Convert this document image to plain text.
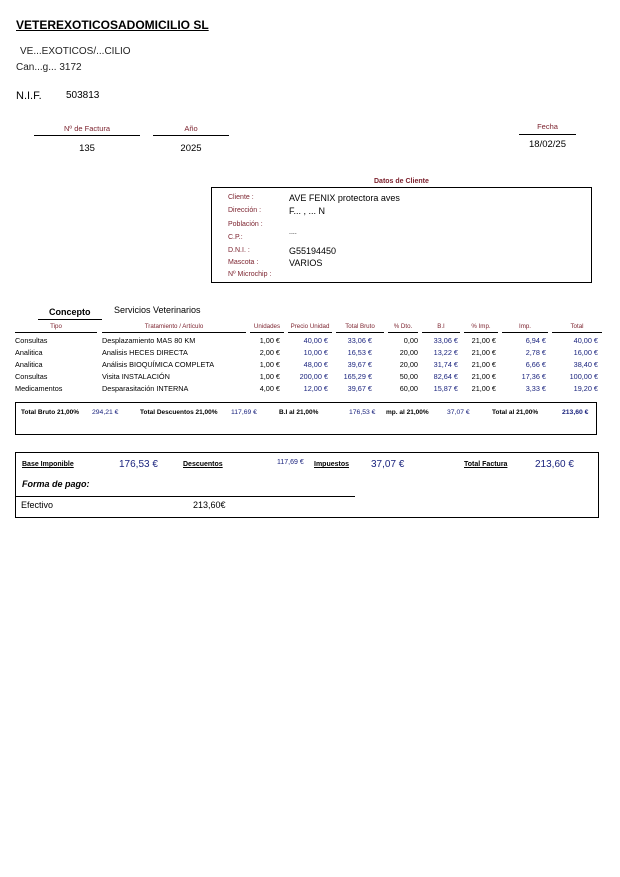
VETEREXOTICOSADOMICILIO SL
VE...EXOTICOS/...CILIO
Can...g... 3172
N.I.F. 503813
Nº de Factura
135
Año
2025
Fecha
18/02/25
Datos de Cliente
Cliente :	AVE FENIX protectora aves
Dirección :	F... , ... N
Población :
C.P.:
....
D.N.I. :	G55194450
Mascota :	VARIOS
Nº Microchip :
Concepto	Servicios Veterinarios
Tipo	Tratamiento / Artículo	Unidades	Precio Unidad	Total Bruto	% Dto.	B.I	% Imp.	Imp.	Total
Consultas	Desplazamiento MAS 80 KM	1,00 €	40,00 €	33,06 €	0,00	33,06 €	21,00 €	6,94 €	40,00 €
Analitica	Analisis HECES DIRECTA	2,00 €	10,00 €	16,53 €	20,00	13,22 €	21,00 €	2,78 €	16,00 €
Analitica	Análisis BIOQUÍMICA COMPLETA	1,00 €	48,00 €	39,67 €	20,00	31,74 €	21,00 €	6,66 €	38,40 €
Consultas	Visita INSTALACIÓN	1,00 €	200,00 €	165,29 €	50,00	82,64 €	21,00 €	17,36 €	100,00 €
Medicamentos	Desparasitación INTERNA	4,00 €	12,00 €	39,67 €	60,00	15,87 €	21,00 €	3,33 €	19,20 €
Total Bruto 21,00% 294,21 €	Total Descuentos 21,00% 117,69 €	B.I al 21,00%	176,53 € mp. al 21,00%	37,07 €	Total al 21,00%	213,60 €
Base Imponible	176,53 €	Descuentos	117,69 € Impuestos 37,07 €	Total Factura	213,60 €
Forma de pago:
Efectivo	213,60€
